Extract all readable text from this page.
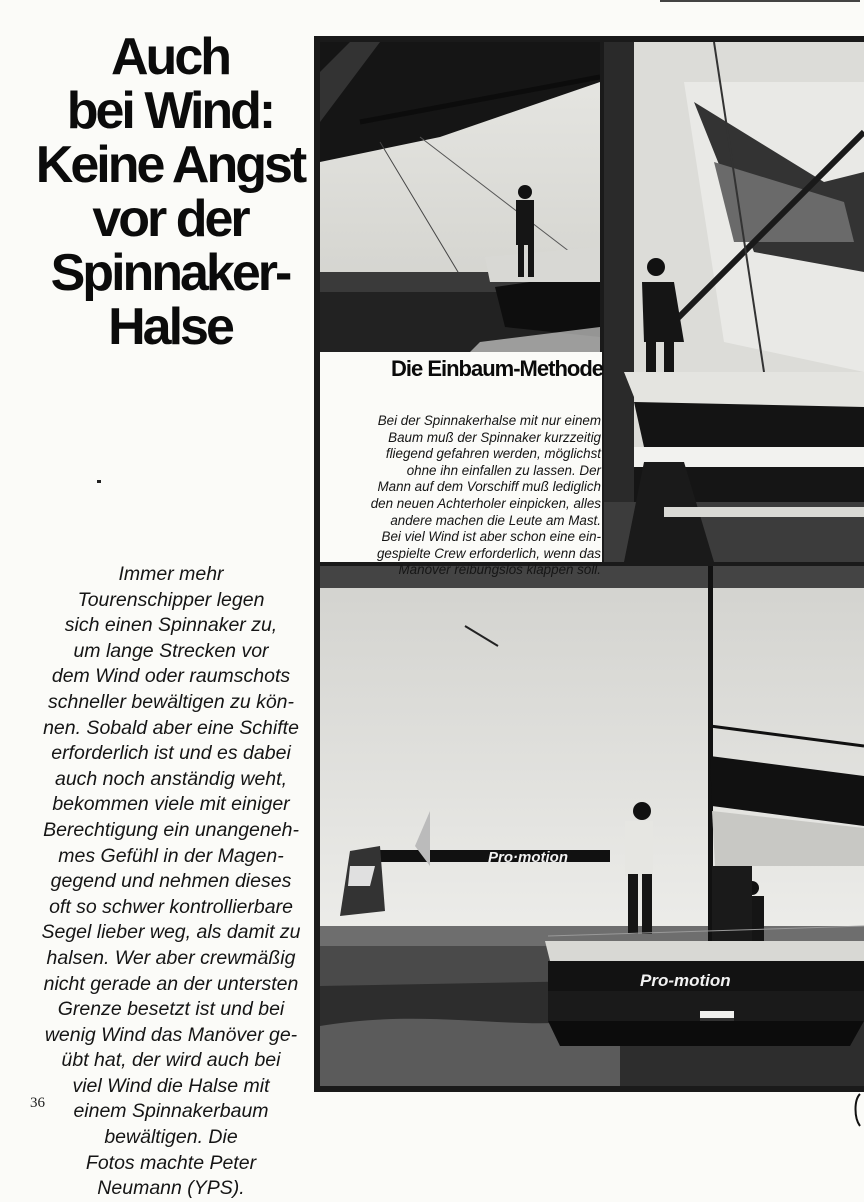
Auch
bei Wind:
Keine Angst
vor der
Spinnaker-
Halse
Immer mehr
Tourenschipper legen
sich einen Spinnaker zu,
um lange Strecken vor
dem Wind oder raumschots
schneller bewältigen zu kön-
nen. Sobald aber eine Schifte
erforderlich ist und es dabei
auch noch anständig weht,
bekommen viele mit einiger
Berechtigung ein unangeneh-
mes Gefühl in der Magen-
gegend und nehmen dieses
oft so schwer kontrollierbare
Segel lieber weg, als damit zu
halsen. Wer aber crewmäßig
nicht gerade an der untersten
Grenze besetzt ist und bei
wenig Wind das Manöver ge-
übt hat, der wird auch bei
viel Wind die Halse mit
einem Spinnakerbaum
bewältigen. Die
Fotos machte Peter
Neumann (YPS).
36
Pro·motion
Pro-motion
Die Einbaum-Methode
Bei der Spinnakerhalse mit nur einem
Baum muß der Spinnaker kurzzeitig
fliegend gefahren werden, möglichst
ohne ihn einfallen zu lassen. Der
Mann auf dem Vorschiff muß lediglich
den neuen Achterholer einpicken, alles
andere machen die Leute am Mast.
Bei viel Wind ist aber schon eine ein-
gespielte Crew erforderlich, wenn das
Manöver reibungslos klappen soll.
